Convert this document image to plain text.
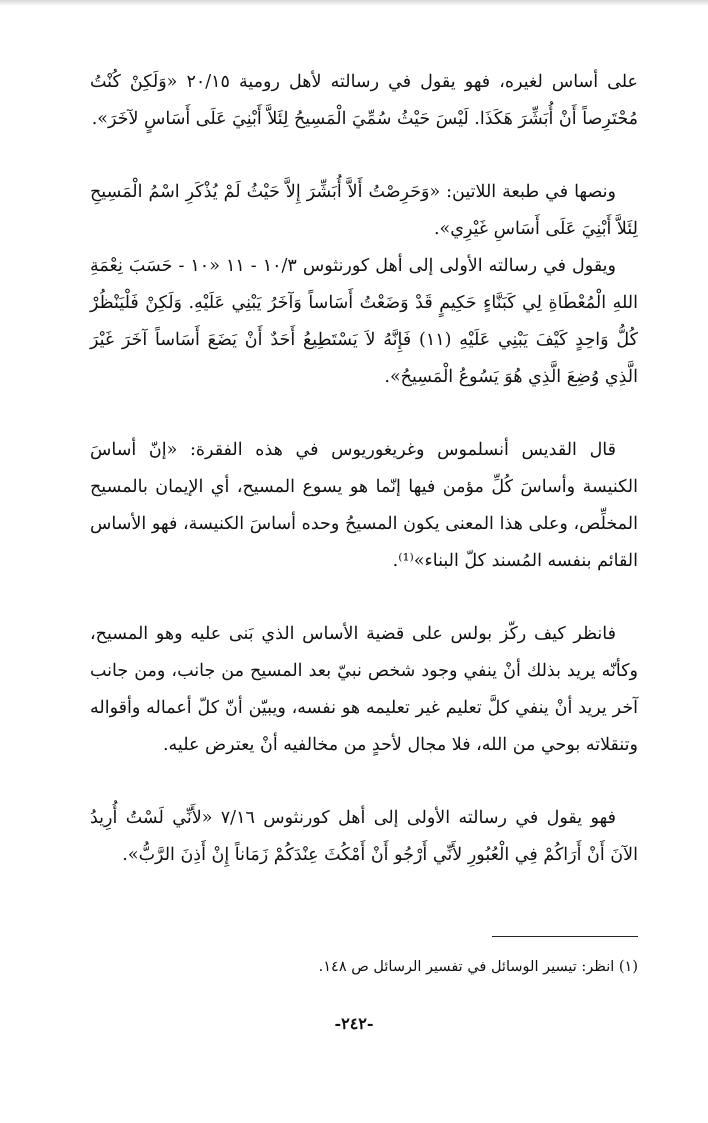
على أساس لغيره، فهو يقول في رسالته لأهل رومية ٢٠/١٥ «وَلَكِنْ كُنْتُ مُحْتَرِصاً أَنْ أُبَشِّرَ هَكَذَا. لَيْسَ حَيْثُ سُمِّيَ الْمَسِيحُ لِئَلاَّ أَبْنِيَ عَلَى أَسَاسٍ لآخَرَ».

ونصها في طبعة اللاتين: «وَحَرِصْتُ أَلاَّ أُبَشِّرَ إِلاَّ حَيْثُ لَمْ يُذْكَرِ اسْمُ الْمَسِيحِ لِئَلاَّ أَبْنِيَ عَلَى أَسَاسِ غَيْرِي».

ويقول في رسالته الأولى إلى أهل كورنثوس ١٠/٣ - ١١ «١٠ - حَسَبَ نِعْمَةِ اللهِ الْمُعْطَاةِ لِي كَبَنَّاءٍ حَكِيمٍ قَدْ وَضَعْتُ أَسَاساً وَآخَرُ يَبْنِي عَلَيْهِ. وَلَكِنْ فَلْيَنْظُرْ كُلُّ وَاحِدٍ كَيْفَ يَبْنِي عَلَيْهِ (١١) فَإِنَّهُ لاَ يَسْتَطِيعُ أَحَدٌ أَنْ يَضَعَ أَسَاساً آخَرَ غَيْرَ الَّذِي وُضِعَ الَّذِي هُوَ يَسُوعُ الْمَسِيحُ».

قال القديس أنسلموس وغريغوريوس في هذه الفقرة: «إنّ أساسَ الكنيسة وأساسَ كُلِّ مؤمن فيها إنّما هو يسوع المسيح، أي الإيمان بالمسيح المخلِّص، وعلى هذا المعنى يكون المسيحُ وحده أساسَ الكنيسة، فهو الأساس القائم بنفسه المُسند كلّ البناء»⁽¹⁾.

فانظر كيف ركّز بولس على قضية الأساس الذي بَنى عليه وهو المسيح، وكأنّه يريد بذلك أنْ ينفي وجود شخص نبيّ بعد المسيح من جانب، ومن جانب آخر يريد أنْ ينفي كلَّ تعليم غير تعليمه هو نفسه، ويبيّن أنّ كلّ أعماله وأقواله وتنقلاته بوحي من الله، فلا مجال لأحدٍ من مخالفيه أنْ يعترض عليه.

فهو يقول في رسالته الأولى إلى أهل كورنثوس ٧/١٦ «لأَنِّي لَسْتُ أُرِيدُ الآنَ أَنْ أَرَاكُمْ فِي الْعُبُورِ لأَنِّي أَرْجُو أَنْ أَمْكُثَ عِنْدَكُمْ زَمَاناً إِنْ أَذِنَ الرَّبُّ».

(١) انظر: تيسير الوسائل في تفسير الرسائل ص ١٤٨.

-٢٤٢-
